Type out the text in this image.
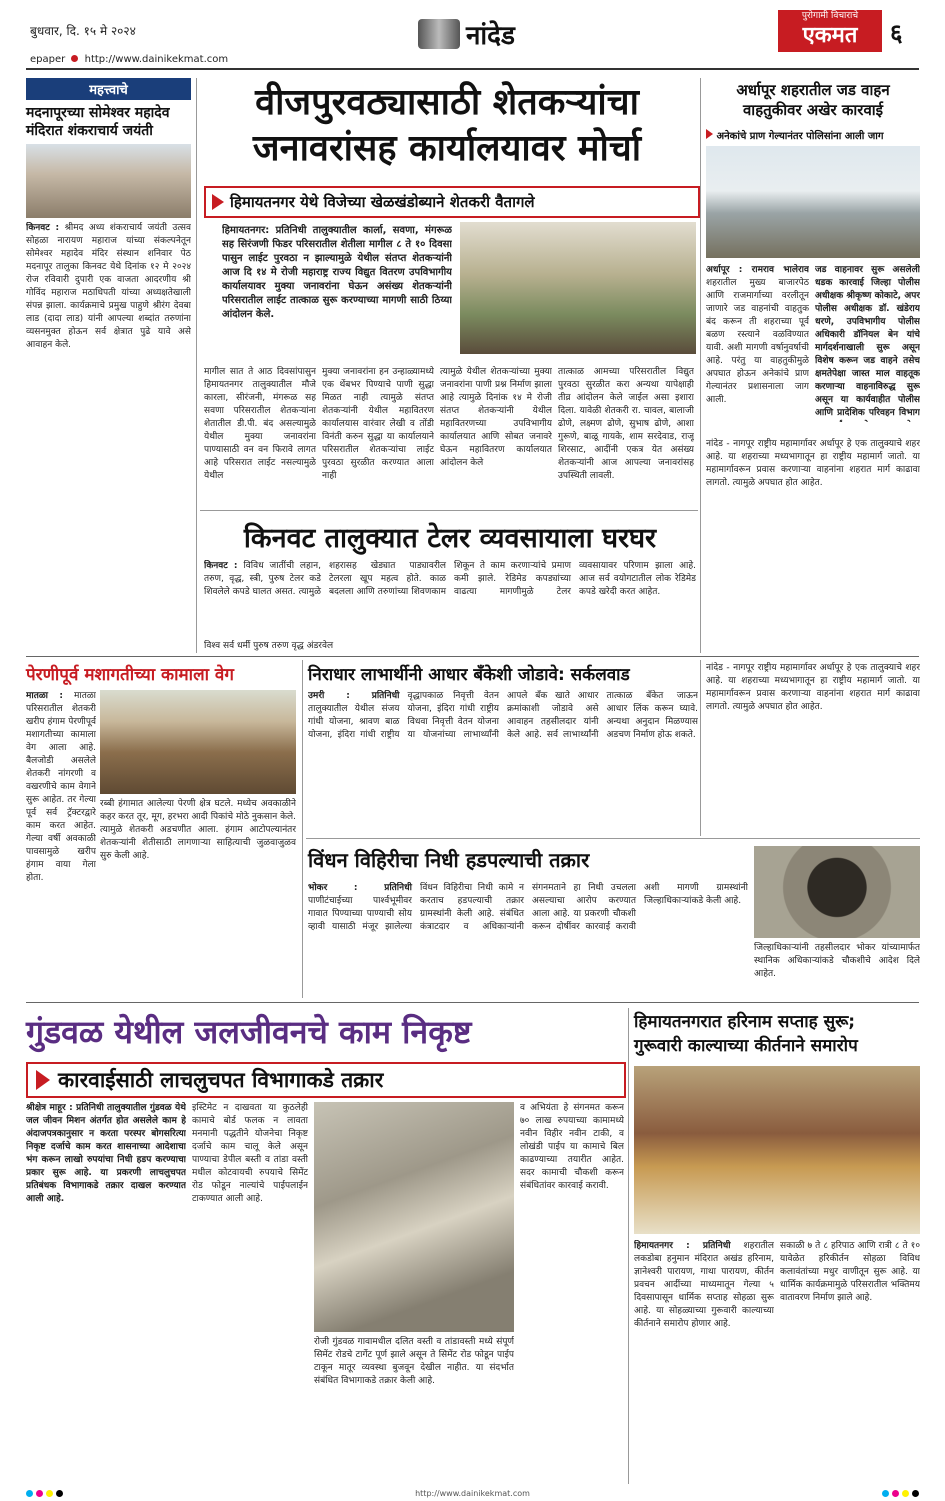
बुधवार, दि. १५ मे २०२४
epaper http://www.dainikekmat.com
नांदेड
पुरोगामी विचाराचे
एकमत	६
महत्त्वाचे
मदनापूरच्या सोमेश्वर महादेव मंदिरात शंकराचार्य जयंती
किनवट : श्रीमद अध्य शंकराचार्य जयंती उत्सव सोहळा नारायण महाराज यांच्या संकल्पनेतून सोमेश्वर महादेव मंदिर संस्थान शनिवार पेठ मदनापूर तालुका किनवट येथे दिनांक १२ मे २०२४ रोज रविवारी दुपारी एक वाजता आदरणीय श्री गोविंद महाराज मठाधिपती यांच्या अध्यक्षतेखाली संपन्न झाला. कार्यक्रमाचे प्रमुख पाहुणे श्रीरंग देवबा लाड (दादा लाड) यांनी आपल्या शब्दांत तरुणांना व्यसनमुक्त होऊन सर्व क्षेत्रात पुढे यावे असे आवाहन केले.
वीजपुरवठ्यासाठी शेतकऱ्यांचा
जनावरांसह कार्यालयावर मोर्चा
हिमायतनगर येथे विजेच्या खेळखंडोब्याने शेतकरी वैतागले
हिमायतनगर: प्रतिनिधी तालुक्यातील कार्ला, सवणा, मंगरूळ सह सिरंजणी फिडर परिसरातील शेतीला मागील ८ ते १० दिवसा पासुन लाईट पुरवठा न झाल्यामुळे येथील संतप्त शेतकऱ्यांनी आज दि १४ मे रोजी महाराष्ट्र राज्य विद्युत वितरण उपविभागीय कार्यालयावर मुक्या जनावरांना घेऊन असंख्य शेतकऱ्यांनी परिसरातील लाईट तात्काळ सुरू करण्याच्या मागणी साठी ठिय्या आंदोलन केले.
मागील सात ते आठ दिवसांपासुन हिमायतनगर तालुक्यातील मौजे कारला, सीरंजनी, मंगरूळ सह सवणा परिसरातील शेतकऱ्यांना शेतातील डी.पी. बंद असल्यामुळे येथील मुक्या जनावरांना पाण्यासाठी वन वन फिरावे लागत आहे परिसरात लाईट नसल्यामुळे येथील
मुक्या जनावरांना हन उन्हाळ्यामध्ये एक थेंबभर पिण्याचे पाणी सुद्धा मिळत नाही त्यामुळे संतप्त शेतकऱ्यांनी येथील महावितरण कार्यालयास वारंवार लेखी व तोंडी विनंती करुन सुद्धा या कार्यालयाने परिसरातील शेतकऱ्यांचा लाईट पुरवठा सुरळीत करण्यात आला नाही
त्यामुळे येथील शेतकऱ्यांच्या मुक्या जनावरांना पाणी प्रश्न निर्माण झाला आहे त्यामुळे दिनांक १४ मे रोजी संतप्त शेतकऱ्यांनी येथील महावितरणच्या उपविभागीय कार्यालयात आणि सोबत जनावरे घेऊन महावितरण कार्यालयात आंदोलन केले
तात्काळ आमच्या परिसरातील विद्युत पुरवठा सुरळीत करा अन्यथा यापेक्षाही तीव्र आंदोलन केले जाईल असा इशारा दिला. यावेळी शेतकरी रा. चावल, बालाजी ढोणे, लक्ष्मण ढोणे, सुभाष ढोणे, आशा गुरूणे, बाळू गायके, शाम सरदेवाड, राजू शिरसाट, आदींनी एकत्र येत असंख्य शेतकऱ्यांनी आज आपल्या जनावरांसह उपस्थिती लावली.
अर्धापूर शहरातील जड वाहन वाहतुकीवर अखेर कारवाई
अनेकांचे प्राण गेल्यानंतर पोलिसांना आली जाग
अर्धापूर : रामराव भालेराव शहरातील मुख्य बाजारपेठ आणि राजमार्गाच्या वरलीतून जाणारे जड वाहनांची वाहतुक बंद करून ती शहराच्या पूर्व बळण रस्त्याने वळविण्यात यावी. अशी मागणी वर्षानुवर्षाची आहे. परंतु या वाहतुकीमुळे अपघात होऊन अनेकांचे प्राण गेल्यानंतर प्रशासनाला जाग आली.
जड वाहनावर सुरू असलेली धडक कारवाई जिल्हा पोलीस अधीक्षक श्रीकृष्ण कोकाटे, अपर पोलीस अधीक्षक डॉ. खंडेराय धरणे, उपविभागीय पोलीस अधिकारी डॉनियल बेन यांचे मार्गदर्शनाखाली सुरू असून विशेष करून जड वाहने तसेच क्षमतेपेक्षा जास्त माल वाहतूक करणाऱ्या वाहनाविरुद्ध सुरू असून या कार्यवाहीत पोलीस आणि प्रादेशिक परिवहन विभाग
नांदेड - नागपूर राष्ट्रीय महामार्गावर अर्धापूर हे एक तालुक्याचे शहर आहे. या शहराच्या मध्यभागातून हा राष्ट्रीय महामार्ग जातो. या महामार्गावरून प्रवास करणाऱ्या वाहनांना शहरात मार्ग काढावा लागतो. त्यामुळे अपघात होत आहेत.
किनवट तालुक्यात टेलर व्यवसायाला घरघर
किनवट : विविध जातींची लहान, तरुण, वृद्ध, स्त्री, पुरुष टेलर कडे शिवलेले कपडे घालत असत. त्यामुळे शहरासह खेड्यात पाड्यावरील टेलरला खूप महत्व होते. काळ बदलला आणि तरुणांच्या शिवणकाम शिकून ते काम करणाऱ्यांचे प्रमाण कमी झाले. रेडिमेड कपड्यांच्या वाढत्या मागणीमुळे टेलर व्यवसायावर परिणाम झाला आहे. आज सर्व वयोगटातील लोक रेडिमेड कपडे खरेदी करत आहेत.
विश्व सर्व धर्मी पुरुष तरुण वृद्ध अंडरवेल
पेरणीपूर्व मशागतीच्या कामाला वेग
मातळा : मातळा परिसरातील शेतकरी खरीप हंगाम पेरणीपूर्व मशागतीच्या कामाला वेग आला आहे. बैलजोडी असलेले शेतकरी नांगरणी व वखरणीचे काम वेगाने सुरू आहेत. तर गेल्या पूर्व सर्व ट्रॅक्टरद्वारे काम करत आहेत. गेल्या वर्षी अवकाळी पावसामुळे खरीप हंगाम वाया गेला होता.
रब्बी हंगामात आलेल्या पेरणी क्षेत्र घटले. मध्येच अवकाळीने कहर करत तूर, मूग, हरभरा आदी पिकांचे मोठे नुकसान केले. त्यामुळे शेतकरी अडचणीत आला. हंगाम आटोपल्यानंतर शेतकऱ्यांनी शेतीसाठी लागणाऱ्या साहित्याची जुळवाजुळव सुरु केली आहे.
निराधार लाभार्थीनी आधार बँकेशी जोडावे: सर्कलवाड
उमरी : प्रतिनिधी तालुक्यातील येथील संजय गांधी योजना, श्रावण बाळ योजना, इंदिरा गांधी राष्ट्रीय वृद्धापकाळ निवृत्ती वेतन योजना, इंदिरा गांधी राष्ट्रीय विधवा निवृत्ती वेतन योजना या योजनांच्या लाभार्थ्यांनी आपले बँक खाते आधार क्रमांकाशी जोडावे असे आवाहन तहसीलदार यांनी केले आहे. सर्व लाभार्थ्यांनी तात्काळ बँकेत जाऊन आधार लिंक करून घ्यावे. अन्यथा अनुदान मिळण्यास अडचण निर्माण होऊ शकते.
विंधन विहिरीचा निधी हडपल्याची तक्रार
भोकर : प्रतिनिधी पाणीटंचाईच्या पार्श्वभूमीवर गावात पिण्याच्या पाण्याची सोय व्हावी यासाठी मंजूर झालेल्या विंधन विहिरीचा निधी कामे न करताच हडपल्याची तक्रार ग्रामस्थांनी केली आहे. संबंधित कंत्राटदार व अधिकाऱ्यांनी संगनमताने हा निधी उचलला असल्याचा आरोप करण्यात आला आहे. या प्रकरणी चौकशी करून दोषींवर कारवाई करावी अशी मागणी ग्रामस्थांनी जिल्हाधिकाऱ्यांकडे केली आहे.
जिल्हाधिकाऱ्यांनी तहसीलदार भोकर यांच्यामार्फत स्थानिक अधिकाऱ्यांकडे चौकशीचे आदेश दिले आहेत.
नांदेड - नागपूर राष्ट्रीय महामार्गावर अर्धापूर हे एक तालुक्याचे शहर आहे. या शहराच्या मध्यभागातून हा राष्ट्रीय महामार्ग जातो. या महामार्गावरून प्रवास करणाऱ्या वाहनांना शहरात मार्ग काढावा लागतो. त्यामुळे अपघात होत आहेत.
गुंडवळ येथील जलजीवनचे काम निकृष्ट
कारवाईसाठी लाचलुचपत विभागाकडे तक्रार
श्रीक्षेत्र माहूर : प्रतिनिधी तालुक्यातील गुंडवळ येथे जल जीवन मिशन अंतर्गत होत असलेले काम हे अंदाजपत्रकानुसार न करता परस्पर बोगसरित्या निकृष्ट दर्जाचे काम करत शासनाच्या आदेशाचा भंग करून लाखो रुपयांचा निधी हडप करण्याचा प्रकार सुरू आहे. या प्रकरणी लाचलुचपत प्रतिबंधक विभागाकडे तक्रार दाखल करण्यात आली आहे.
इस्टिमेट न दाखवता या कुठलेही कामाचे बोर्ड फलक न लावता मनमानी पद्धतीने योजनेचा निकृष्ट दर्जाचे काम चालू केले असून पाण्याचा डेपील बस्ती व तांडा वस्ती मधील कोटवायची रुपयाचे सिमेंट रोड फोडून नाल्यांचे पाईपलाईन टाकण्यात आली आहे.
रोजी गुंडवळ गावामधील दलित वस्ती व तांडावस्ती मध्ये संपूर्ण सिमेंट रोडचे टार्गेट पूर्ण झाले असून ते सिमेंट रोड फोडून पाईप टाकून मातूर व्यवस्था बुजवून देखील नाहीत. या संदर्भात संबंधित विभागाकडे तक्रार केली आहे.
व अभियंता हे संगनमत करून ७० लाख रुपयाच्या कामामध्ये नवीन विहीर नवीन टाकी, व लोखंडी पाईप या कामाचे बिल काढण्याच्या तयारीत आहेत. सदर कामाची चौकशी करून संबंधितांवर कारवाई करावी.
हिमायतनगरात हरिनाम सप्ताह सुरू;
गुरूवारी काल्याच्या कीर्तनाने समारोप
हिमायतनगर : प्रतिनिधी शहरातील लकडोबा हनुमान मंदिरात अखंड हरिनाम, ज्ञानेश्वरी पारायण, गाथा पारायण, कीर्तन प्रवचन आदींच्या माध्यमातून गेल्या ५ दिवसापासून धार्मिक सप्ताह सोहळा सुरू आहे. या सोहळ्याच्या गुरूवारी काल्याच्या कीर्तनाने समारोप होणार आहे.
सकाळी ७ ते ८ हरिपाठ आणि रात्री ८ ते १० यावेळेत हरिकीर्तन सोहळा विविध कलावंतांच्या मधुर वाणीतून सुरू आहे. या धार्मिक कार्यक्रमामुळे परिसरातील भक्तिमय वातावरण निर्माण झाले आहे.
http://www.dainikekmat.com
